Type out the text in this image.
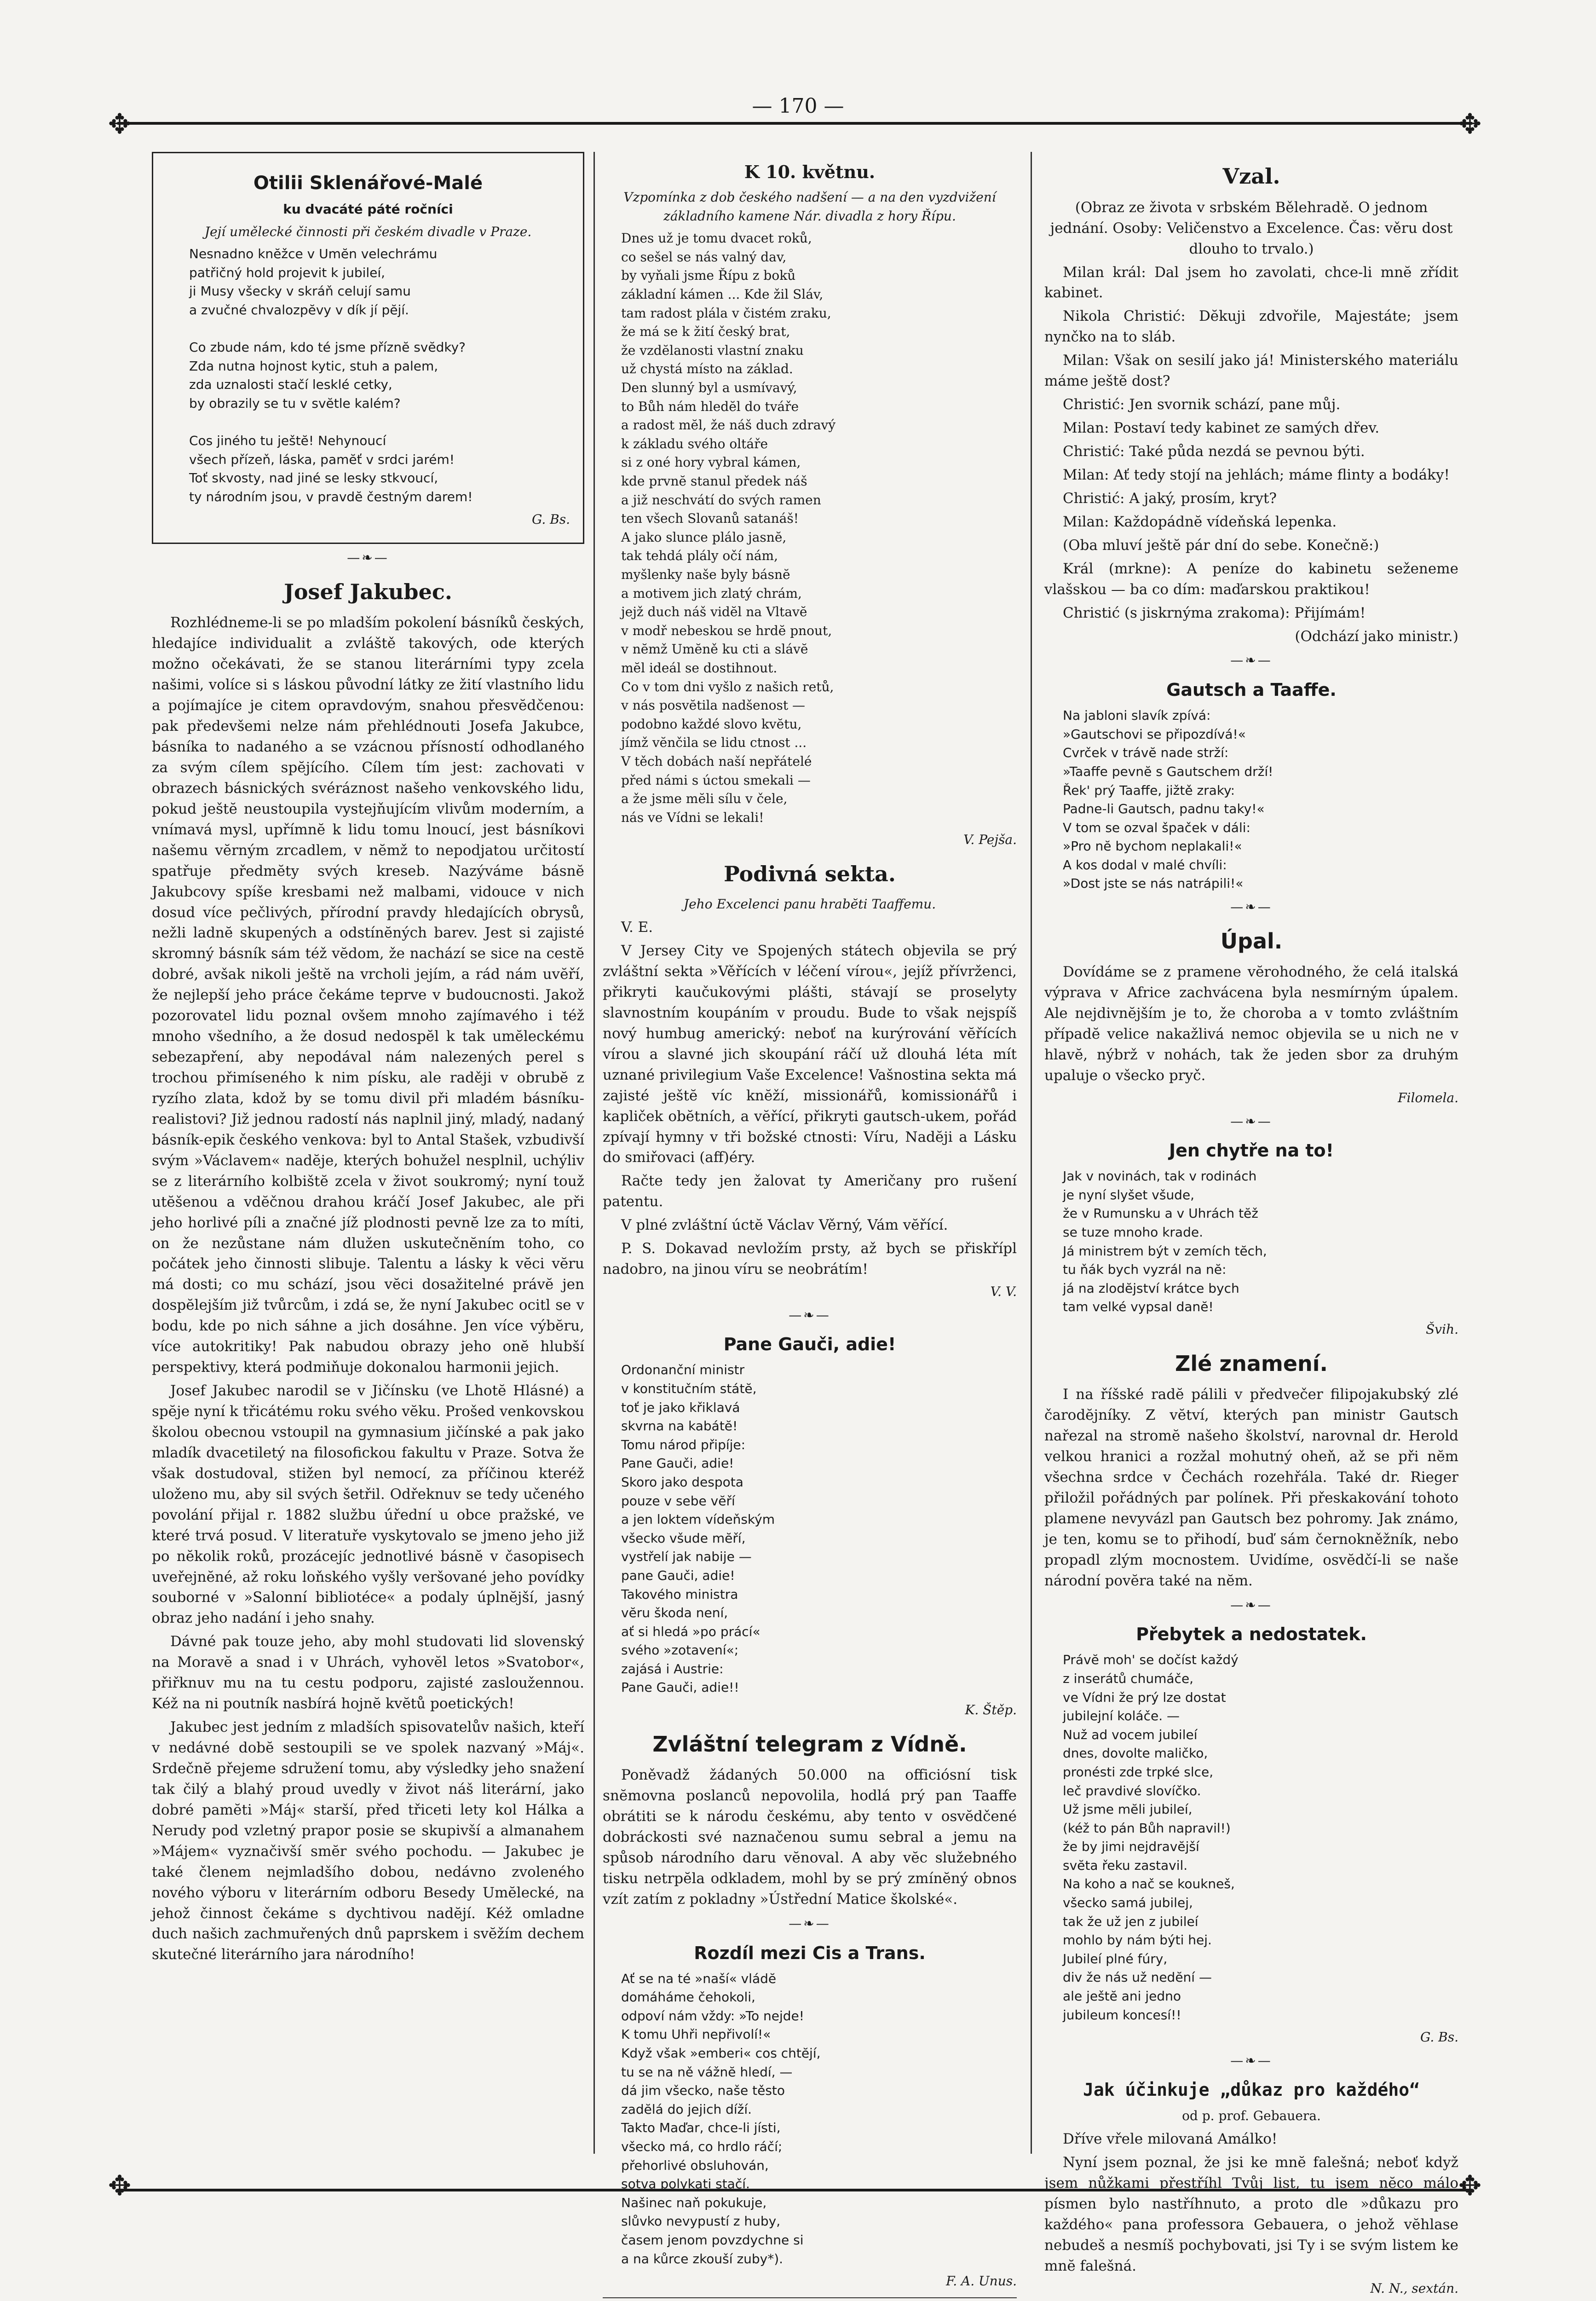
— 170 —
✥	✥
✥	✥
Otilii Sklenářové-Malé
ku dvacáté páté ročníci
Její umělecké činnosti při českém divadle v Praze.
Nesnadno knĕžce v Umĕn velechrámu
patřičný hold projevit k jubileí,
ji Musy všecky v skráň celují samu
a zvučné chvalozpĕvy v dík jí pĕjí.

Co zbude nám, kdo té jsme příznĕ svĕdky?
Zda nutna hojnost kytic, stuh a palem,
zda uznalosti stačí lesklé cetky,
by obrazily se tu v svĕtle kalém?

Cos jiného tu ještĕ! Nehynoucí
všech přízeň, láska, pamĕť v srdci jarém!
Toť skvosty, nad jiné se lesky stkvoucí,
ty národním jsou, v pravdĕ čestným darem!
G. Bs.
—❧—
Josef Jakubec.

Rozhlédneme-li se po mladším pokolení básníků českých, hledajíce individualit a zvláště takových, ode kterých možno očekávati, že se stanou literárními typy zcela našimi, volíce si s láskou původní látky ze žití vlastního lidu a pojímajíce je citem opravdovým, snahou přesvĕdčenou: pak předevšemi nelze nám přehlédnouti Josefa Jakubce, básníka to nadaného a se vzácnou přísností odhodlaného za svým cílem spĕjícího. Cílem tím jest: zachovati v obrazech básnických svéráznost našeho venkovského lidu, pokud ještĕ neustoupila vystejňujícím vlivům moderním, a vnímavá mysl, upřímnĕ k lidu tomu lnoucí, jest básníkovi našemu vĕrným zrcadlem, v nĕmž to nepodjatou určitostí spatřuje předmĕty svých kreseb. Nazýváme básnĕ Jakubcovy spíše kresbami než malbami, vidouce v nich dosud více pečlivých, přírodní pravdy hledajících obrysů, nežli ladnĕ skupených a odstínĕných barev. Jest si zajisté skromný básník sám též vĕdom, že nachází se sice na cestĕ dobré, avšak nikoli ještĕ na vrcholi jejím, a rád nám uvĕří, že nejlepší jeho práce čekáme teprve v budoucnosti. Jakož pozorovatel lidu poznal ovšem mnoho zajímavého i též mnoho všedního, a že dosud nedospĕl k tak umĕleckému sebezapření, aby nepodával nám nalezených perel s trochou přimíseného k nim písku, ale raději v obrubĕ z ryzího zlata, kdož by se tomu divil při mladém básníku-realistovi? Již jednou radostí nás naplnil jiný, mladý, nadaný básník-epik českého venkova: byl to Antal Stašek, vzbudivší svým »Václavem« nadĕje, kterých bohužel nesplnil, uchýliv se z literárního kolbištĕ zcela v život soukromý; nyní touž utĕšenou a vdĕčnou drahou kráčí Josef Jakubec, ale při jeho horlivé píli a značné jíž plodnosti pevnĕ lze za to míti, on že nezůstane nám dlužen uskutečnĕním toho, co počátek jeho činnosti slibuje. Talentu a lásky k vĕci vĕru má dosti; co mu schází, jsou vĕci dosažitelné právĕ jen dospĕlejším již tvůrcům, i zdá se, že nyní Jakubec ocitl se v bodu, kde po nich sáhne a jich dosáhne. Jen více výbĕru, více autokritiky! Pak nabudou obrazy jeho onĕ hlubší perspektivy, která podmiňuje dokonalou harmonii jejich.

Josef Jakubec narodil se v Jičínsku (ve Lhotĕ Hlásné) a spĕje nyní k třicátému roku svého vĕku. Prošed venkovskou školou obecnou vstoupil na gymnasium jičínské a pak jako mladík dvacetiletý na filosofickou fakultu v Praze. Sotva že však dostudoval, stižen byl nemocí, za příčinou kteréž uloženo mu, aby sil svých šetřil. Odřeknuv se tedy učeného povolání přijal r. 1882 službu úřední u obce pražské, ve které trvá posud. V literatuře vyskytovalo se jmeno jeho již po nĕkolik roků, prozácejíc jednotlivé básnĕ v časopisech uveřejnĕné, až roku loňského vyšly veršované jeho povídky souborné v »Salonní bibliotéce« a podaly úplnĕjší, jasný obraz jeho nadání i jeho snahy.

Dávné pak touze jeho, aby mohl studovati lid slovenský na Moravĕ a snad i v Uhrách, vyhovĕl letos »Svatobor«, přiřknuv mu na tu cestu podporu, zajisté zasloužennou. Kéž na ni poutník nasbírá hojnĕ kvĕtů poetických!

Jakubec jest jedním z mladších spisovatelův našich, kteří v nedávné dobĕ sestoupili se ve spolek nazvaný »Máj«. Srdečnĕ přejeme sdružení tomu, aby výsledky jeho snažení tak čilý a blahý proud uvedly v život náš literární, jako dobré pamĕti »Máj« starší, před třiceti lety kol Hálka a Nerudy pod vzletný prapor posie se skupivší a almanahem »Májem« vyznačivší smĕr svého pochodu. — Jakubec je také členem nejmladšího dobou, nedávno zvoleného nového výboru v literárním odboru Besedy Umĕlecké, na jehož činnost čekáme s dychtivou nadĕjí. Kéž omladne duch našich zachmuřených dnů paprskem i svĕžím dechem skutečné literárního jara národního!

K 10. květnu.
Vzpomínka z dob českého nadšení — a na den vyzdvižení základního kamene Nár. divadla z hory Řípu.
Dnes už je tomu dvacet roků,
co sešel se nás valný dav,
by vyňali jsme Řípu z boků
základní kámen ... Kde žil Sláv,
tam radost plála v čistém zraku,
že má se k žití český brat,
že vzdĕlanosti vlastní znaku
už chystá místo na základ.
Den slunný byl a usmívavý,
to Bůh nám hledĕl do tváře
a radost mĕl, že náš duch zdravý
k základu svého oltáře
si z oné hory vybral kámen,
kde prvnĕ stanul předek náš
a již neschvátí do svých ramen
ten všech Slovanů satanáš!
A jako slunce plálo jasnĕ,
tak tehdá plály očí nám,
myšlenky naše byly básnĕ
a motivem jich zlatý chrám,
jejž duch náš vidĕl na Vltavĕ
v modř nebeskou se hrdĕ pnout,
v nĕmž Umĕně ku cti a slávĕ
mĕl ideál se dostihnout.
Co v tom dni vyšlo z našich retů,
v nás posvĕtila nadšenost —
podobno každé slovo kvĕtu,
jímž vĕnčila se lidu ctnost ...
V těch dobách naší nepřátelé
před námi s úctou smekali —
a že jsme mĕli sílu v čele,
nás ve Vídni se lekali!
V. Pejša.
Podivná sekta.
Jeho Excelenci panu hrabĕti Taaffemu.

V. E.

V Jersey City ve Spojených státech objevila se prý zvláštní sekta »Věřících v léčení vírou«, jejíž přívrženci, přikryti kaučukovými plášti, stávají se proselyty slavnostním koupáním v proudu. Bude to však nejspíš nový humbug americký: neboť na kurýrování vĕřících vírou a slavné jich skoupání ráčí už dlouhá léta mít uznané privilegium Vaše Excelence! Vašnostina sekta má zajisté ještĕ víc knĕží, missionářů, komissionářů i kapliček obĕtních, a vĕřící, přikryti gautsch-ukem, pořád zpívají hymny v tři božské ctnosti: Víru, Nadĕji a Lásku do smiřovaci (aff)éry.

Račte tedy jen žalovat ty Američany pro rušení patentu.

V plné zvláštní úctĕ Václav Věrný, Vám vĕřící.

P. S. Dokavad nevložím prsty, až bych se přiskřípl nadobro, na jinou víru se neobrátím!

V. V.
—❧—
Pane Gauči, adie!
Ordonanční ministr
v konstitučním státĕ,
toť je jako křiklavá
skvrna na kabátĕ!
Tomu národ připíje:
Pane Gauči, adie!
Skoro jako despota
pouze v sebe vĕří
a jen loktem vídeňským
všecko všude mĕří,
vystřelí jak nabije —
pane Gauči, adie!
Takového ministra
vĕru škoda není,
ať si hledá »po prácí«
svého »zotavení«;
zajásá i Austrie:
Pane Gauči, adie!!
K. Štěp.
Zvláštní telegram z Vídně.

Poněvadž žádaných 50.000 na officiósní tisk snĕmovna poslanců nepovolila, hodlá prý pan Taaffe obrátiti se k národu českému, aby tento v osvĕdčené dobráckosti své naznačenou sumu sebral a jemu na spůsob národního daru vĕnoval. A aby vĕc služebného tisku netrpĕla odkladem, mohl by se prý zmínĕný obnos vzít zatím z pokladny »Ústřední Matice školské«.

—❧—
Rozdíl mezi Cis a Trans.
Ať se na té »naší« vládĕ
domáháme čehokoli,
odpoví nám vždy: »To nejde!
K tomu Uhři nepřivolí!«
Když však »emberi« cos chtĕjí,
tu se na ně vážnĕ hledí, —
dá jim všecko, naše těsto
zadĕlá do jejich díží.
Takto Maďar, chce-li jísti,
všecko má, co hrdlo ráčí;
přehorlivé obsluhován,
sotva polykati stačí.
Našinec naň pokukuje,
slůvko nevypustí z huby,
časem jenom povzdychne si
a na kůrce zkouší zuby*).
F. A. Unus.
Vzal.

(Obraz ze života v srbském Bělehradě. O jednom jednání. Osoby: Veličenstvo a Excelence. Čas: věru dost dlouho to trvalo.)

Milan král: Dal jsem ho zavolati, chce-li mnĕ zřídit kabinet.

Nikola Christić: Dĕkuji zdvořile, Majestáte; jsem nynčko na to sláb.

Milan: Však on sesilí jako já! Ministerského materiálu máme ještĕ dost?

Christić: Jen svornik schází, pane můj.

Milan: Postaví tedy kabinet ze samých dřev.

Christić: Také půda nezdá se pevnou býti.

Milan: Ať tedy stojí na jehlách; máme flinty a bodáky!

Christić: A jaký, prosím, kryt?

Milan: Každopádnĕ vídeňská lepenka.

(Oba mluví ještĕ pár dní do sebe. Konečnĕ:)

Král (mrkne): A peníze do kabinetu seženeme vlašskou — ba co dím: maďarskou praktikou!

Christić (s jiskrnýma zrakoma): Přijímám!

(Odchází jako ministr.)

—❧—
Gautsch a Taaffe.
Na jabloni slavík zpívá:
»Gautschovi se připozdívá!«
Cvrček v trávĕ nade strží:
»Taaffe pevnĕ s Gautschem drží!
Řek' prý Taaffe, jižtě zraky:
Padne-li Gautsch, padnu taky!«
V tom se ozval špaček v dáli:
»Pro nĕ bychom neplakali!«
A kos dodal v malé chvíli:
»Dost jste se nás natrápili!«
—❧—
Úpal.

Dovídáme se z pramene vĕrohodného, že celá italská výprava v Africe zachvácena byla nesmírným úpalem. Ale nejdivnĕjším je to, že choroba a v tomto zvláštním případĕ velice nakažlivá nemoc objevila se u nich ne v hlavĕ, nýbrž v nohách, tak že jeden sbor za druhým upaluje o všecko pryč.

Filomela.
—❧—
Jen chytře na to!
Jak v novinách, tak v rodinách
je nyní slyšet všude,
že v Rumunsku a v Uhrách tĕž
se tuze mnoho krade.
Já ministrem být v zemích tĕch,
tu ňák bych vyzrál na nĕ:
já na zlodĕjství krátce bych
tam velké vypsal danĕ!
Švih.
Zlé znamení.

I na říšské radĕ pálili v předvečer filipojakubský zlé čarodĕjníky. Z vĕtví, kterých pan ministr Gautsch nařezal na stromĕ našeho školství, narovnal dr. Herold velkou hranici a rozžal mohutný oheň, až se při nĕm všechna srdce v Čechách rozehřála. Také dr. Rieger přiložil pořádných par polínek. Při přeskakování tohoto plamene nevyvázl pan Gautsch bez pohromy. Jak známo, je ten, komu se to přihodí, buď sám černokněžník, nebo propadl zlým mocnostem. Uvidíme, osvĕdčí-li se naše národní povĕra také na nĕm.

—❧—
Přebytek a nedostatek.
Právĕ moh' se dočíst každý
z inserátů chumáče,
ve Vídni že prý lze dostat
jubilejní koláče. —
Nuž ad vocem jubileí
dnes, dovolte maličko,
pronésti zde trpké slce,
leč pravdivé slovíčko.
Už jsme mĕli jubileí,
(kéž to pán Bůh napravil!)
že by jimi nejdravĕjší
svĕta řeku zastavil.
Na koho a nač se koukneš,
všecko samá jubilej,
tak že už jen z jubileí
mohlo by nám býti hej.
Jubileí plné fúry,
div že nás už nedĕní —
ale ještĕ ani jedno
jubileum koncesí!!
G. Bs.
—❧—
Jak účinkuje „důkaz pro každého“
od p. prof. Gebauera.

Dříve vřele milovaná Amálko!

Nyní jsem poznal, že jsi ke mnĕ falešná; neboť když jsem nůžkami přestříhl Tvůj list, tu jsem nĕco málo písmen bylo nastříhnuto, a proto dle »důkazu pro každého« pana professora Gebauera, o jehož vĕhlase nebudeš a nesmíš pochybovati, jsi Ty i se svým listem ke mnĕ falešná.

N. N., sextán.
